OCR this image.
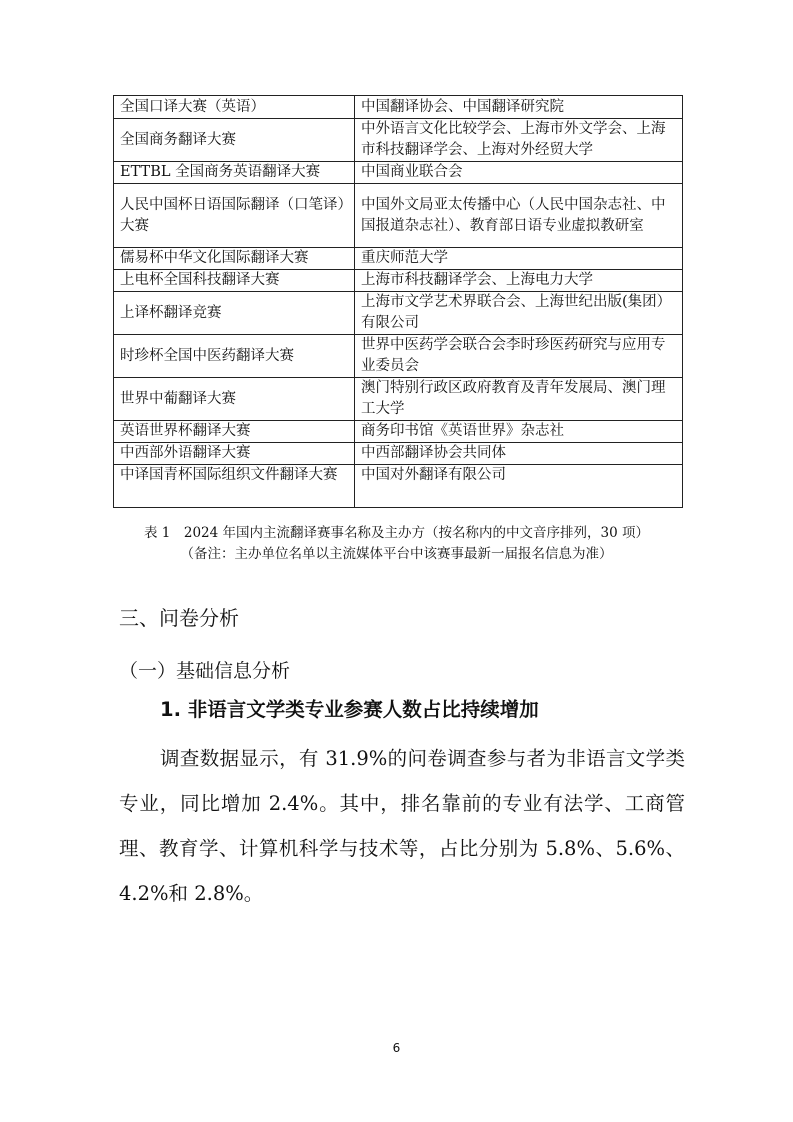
全国口译大赛（英语）	中国翻译协会、中国翻译研究院
全国商务翻译大赛	中外语言文化比较学会、上海市外文学会、上海市科技翻译学会、上海对外经贸大学
ETTBL 全国商务英语翻译大赛	中国商业联合会
人民中国杯日语国际翻译（口笔译）大赛	中国外文局亚太传播中心（人民中国杂志社、中国报道杂志社）、教育部日语专业虚拟教研室
儒易杯中华文化国际翻译大赛	重庆师范大学
上电杯全国科技翻译大赛	上海市科技翻译学会、上海电力大学
上译杯翻译竞赛	上海市文学艺术界联合会、上海世纪出版(集团）有限公司
时珍杯全国中医药翻译大赛	世界中医药学会联合会李时珍医药研究与应用专业委员会
世界中葡翻译大赛	澳门特别行政区政府教育及青年发展局、澳门理工大学
英语世界杯翻译大赛	商务印书馆《英语世界》杂志社
中西部外语翻译大赛	中西部翻译协会共同体
中译国青杯国际组织文件翻译大赛	中国对外翻译有限公司
表 1　2024 年国内主流翻译赛事名称及主办方（按名称内的中文音序排列，30 项）
（备注：主办单位名单以主流媒体平台中该赛事最新一届报名信息为准）
三、问卷分析
（一）基础信息分析
1. 非语言文学类专业参赛人数占比持续增加
调查数据显示，有 31.9%的问卷调查参与者为非语言文学类专业，同比增加 2.4%。其中，排名靠前的专业有法学、工商管理、教育学、计算机科学与技术等，占比分别为 5.8%、5.6%、4.2%和 2.8%。
6
